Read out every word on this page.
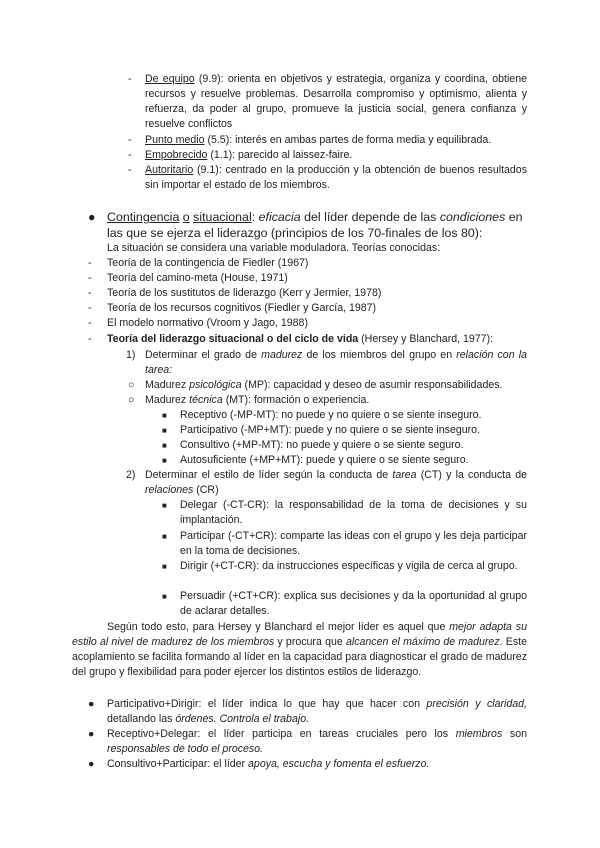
- De equipo (9.9): orienta en objetivos y estrategia, organiza y coordina, obtiene recursos y resuelve problemas. Desarrolla compromiso y optimismo, alienta y refuerza, da poder al grupo, promueve la justicia social, genera confianza y resuelve conflictos
- Punto medio (5.5): interés en ambas partes de forma media y equilibrada.
- Empobrecido (1.1): parecido al laissez-faire.
- Autoritario (9.1): centrado en la producción y la obtención de buenos resultados sin importar el estado de los miembros.
● Contingencia o situacional: eficacia del líder depende de las condiciones en
las que se ejerza el liderazgo (principios de los 70-finales de los 80):
La situación se considera una variable moduladora. Teorías conocidas:
- Teoría de la contingencia de Fiedler (1967)
- Teoría del camino-meta (House, 1971)
- Teoría de los sustitutos de liderazgo (Kerr y Jermier, 1978)
- Teoría de los recursos cognitivos (Fiedler y García, 1987)
- El modelo normativo (Vroom y Jago, 1988)
- Teoría del liderazgo situacional o del ciclo de vida (Hersey y Blanchard, 1977):
1) Determinar el grado de madurez de los miembros del grupo en relación con la tarea:
○ Madurez psicológica (MP): capacidad y deseo de asumir responsabilidades.
○ Madurez técnica (MT): formación o experiencia.
■ Receptivo (-MP-MT): no puede y no quiere o se siente inseguro.
■ Participativo (-MP+MT): puede y no quiere o se siente inseguro.
■ Consultivo (+MP-MT): no puede y quiere o se siente seguro.
■ Autosuficiente (+MP+MT): puede y quiere o se siente seguro.
2) Determinar el estilo de líder según la conducta de tarea (CT) y la conducta de relaciones (CR)
■ Delegar (-CT-CR): la responsabilidad de la toma de decisiones y su implantación.
■ Participar (-CT+CR): comparte las ideas con el grupo y les deja participar en la toma de decisiones.
■ Dirigir (+CT-CR): da instrucciones específicas y vigila de cerca al grupo.
■ Persuadir (+CT+CR): explica sus decisiones y da la oportunidad al grupo de aclarar detalles.
Según todo esto, para Hersey y Blanchard el mejor líder es aquel que mejor adapta su estilo al nivel de madurez de los miembros y procura que alcancen el máximo de madurez. Este acoplamiento se facilita formando al líder en la capacidad para diagnosticar el grado de madurez del grupo y flexibilidad para poder ejercer los distintos estilos de liderazgo.
● Participativo+Dirigir: el líder indica lo que hay que hacer con precisión y claridad, detallando las órdenes. Controla el trabajo.
● Receptivo+Delegar: el líder participa en tareas cruciales pero los miembros son responsables de todo el proceso.
● Consultivo+Participar: el líder apoya, escucha y fomenta el esfuerzo.
